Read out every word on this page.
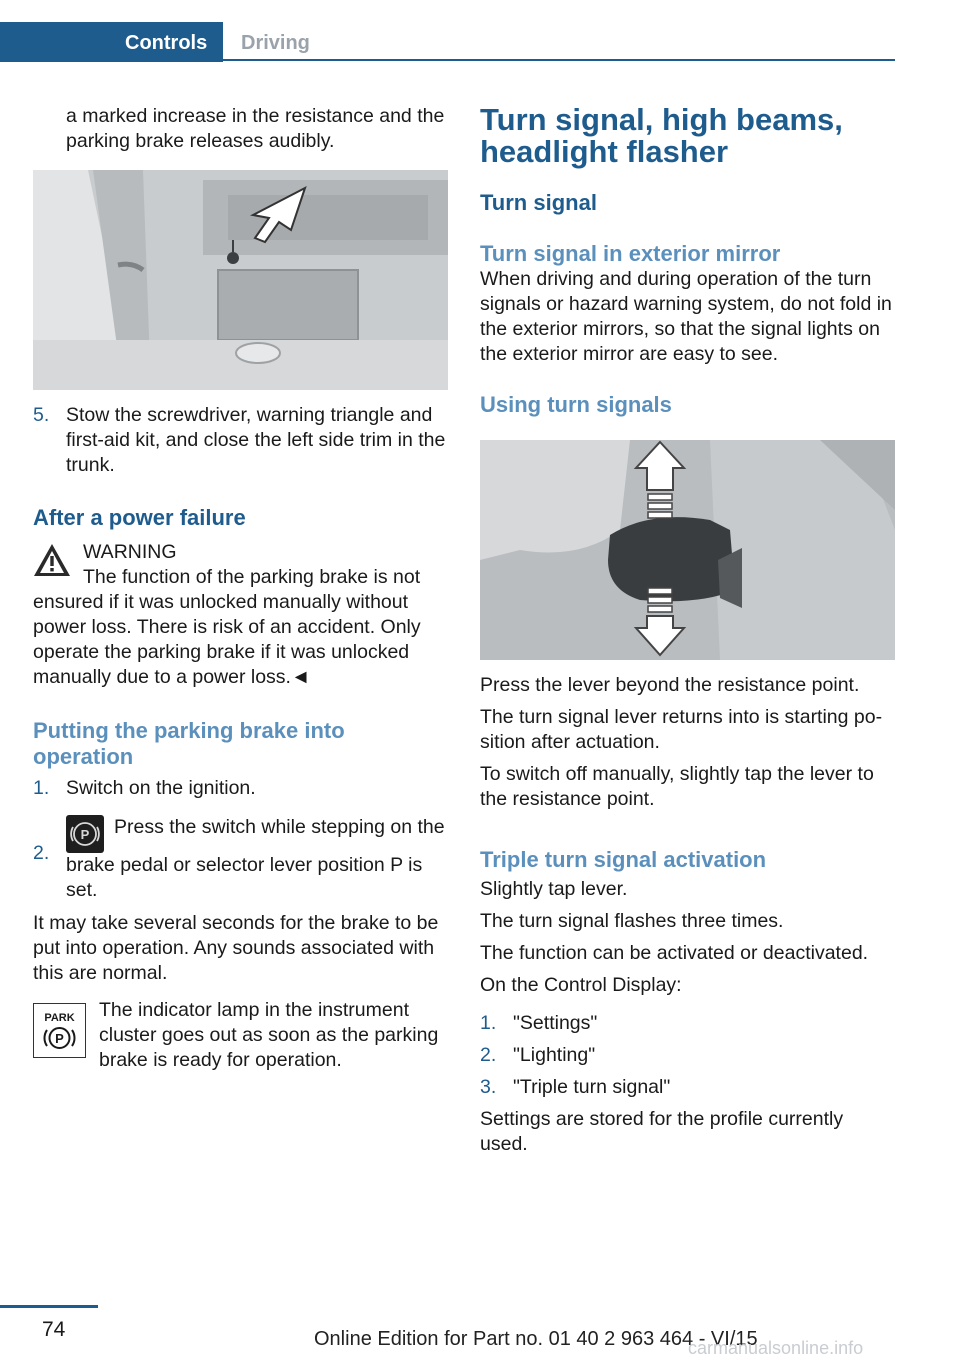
Controls	Driving

a marked increase in the resistance and the parking brake releases audibly.

5. Stow the screwdriver, warning triangle and first-aid kit, and close the left side trim in the trunk.
After a power failure
WARNING
The function of the parking brake is not
ensured if it was unlocked manually without power loss. There is risk of an accident. Only operate the parking brake if it was unlocked manually due to a power loss.◄
Putting the parking brake into operation
1. Switch on the ignition.
2.
P Press the switch while stepping on the brake pedal or selector lever position P is set.

It may take several seconds for the brake to be put into operation. Any sounds associated with this are normal.

PARK
P

The indicator lamp in the instrument cluster goes out as soon as the parking brake is ready for operation.

Turn signal, high beams, headlight flasher
Turn signal
Turn signal in exterior mirror

When driving and during operation of the turn signals or hazard warning system, do not fold in the exterior mirrors, so that the signal lights on the exterior mirror are easy to see.

Using turn signals

Press the lever beyond the resistance point.

The turn signal lever returns into is starting po‐sition after actuation.

To switch off manually, slightly tap the lever to the resistance point.

Triple turn signal activation

Slightly tap lever.

The turn signal flashes three times.

The function can be activated or deactivated.

On the Control Display:

1. "Settings"
2. "Lighting"
3. "Triple turn signal"

Settings are stored for the profile currently used.

74	Online Edition for Part no. 01 40 2 963 464 - VI/15
carmanualsonline.info
